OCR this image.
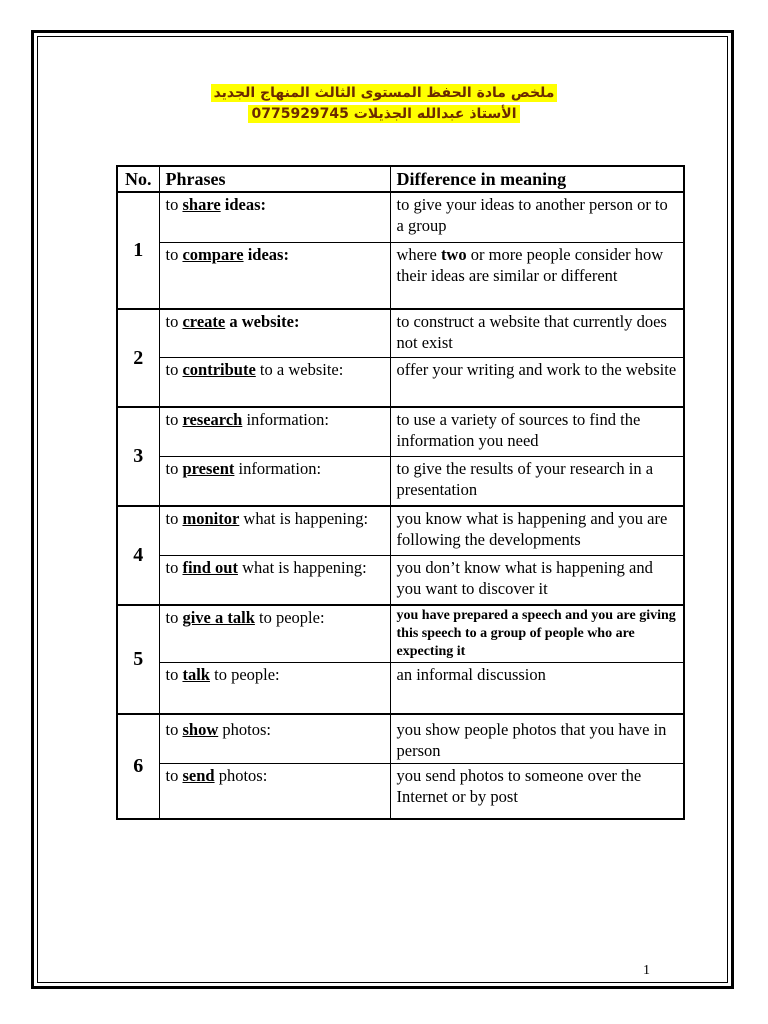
ملخص مادة الحفظ المستوى الثالث المنهاج الجديد
الأستاذ عبدالله الجذيلات 0775929745
No.	Phrases	Difference in meaning
1	to share ideas:	to give your ideas to another person or to a group
	to compare ideas:	where two or more people consider how their ideas are similar or different
2	to create a website:	to construct a website that currently does not exist
	to contribute to a website:	offer your writing and work to the website
3	to research information:	to use a variety of sources to find the information you need
	to present information:	to give the results of your research in a presentation
4	to monitor what is happening:	you know what is happening and you are following the developments
	to find out what is happening:	you don’t know what is happening and you want to discover it
5	to give a talk to people:	you have prepared a speech and you are giving this speech to a group of people who are expecting it
	to talk to people:	an informal discussion
6	to show photos:	you show people photos that you have in person
	to send photos:	you send photos to someone over the Internet or by post
1
